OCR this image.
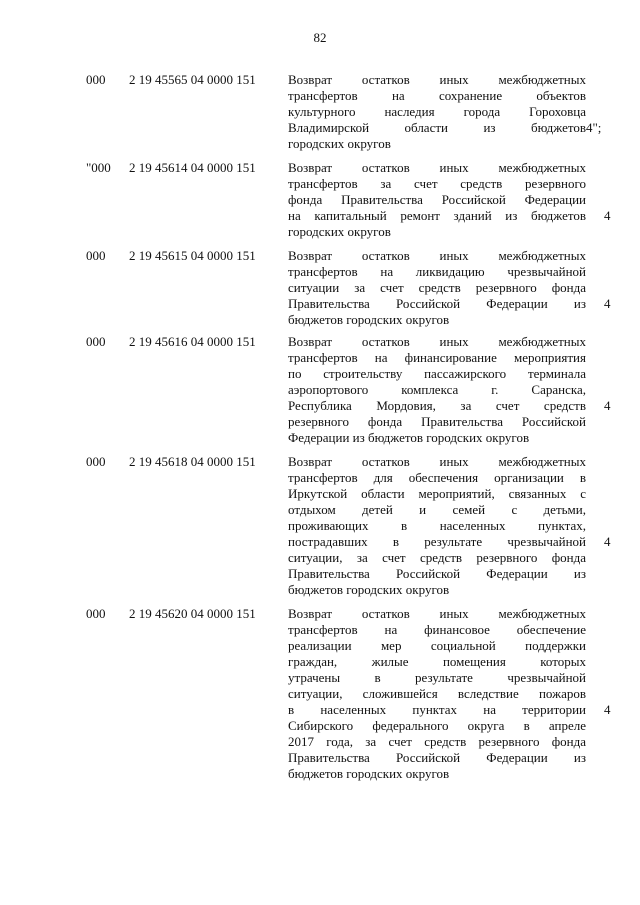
82
000 2 19 45565 04 0000 151 Возврат остатков иных межбюджетных
трансфертов на сохранение объектов
культурного наследия города Гороховца
Владимирской области из бюджетов
городских округов
4";
"000 2 19 45614 04 0000 151 Возврат остатков иных межбюджетных
трансфертов за счет средств резервного
фонда Правительства Российской Федерации
на капитальный ремонт зданий из бюджетов
городских округов
4
000 2 19 45615 04 0000 151 Возврат остатков иных межбюджетных
трансфертов на ликвидацию чрезвычайной
ситуации за счет средств резервного фонда
Правительства Российской Федерации из
бюджетов городских округов
4
000 2 19 45616 04 0000 151 Возврат остатков иных межбюджетных
трансфертов на финансирование мероприятия
по строительству пассажирского терминала
аэропортового комплекса г. Саранска,
Республика Мордовия, за счет средств
резервного фонда Правительства Российской
Федерации из бюджетов городских округов
4
000 2 19 45618 04 0000 151 Возврат остатков иных межбюджетных
трансфертов для обеспечения организации в
Иркутской области мероприятий, связанных с
отдыхом детей и семей с детьми,
проживающих в населенных пунктах,
пострадавших в результате чрезвычайной
ситуации, за счет средств резервного фонда
Правительства Российской Федерации из
бюджетов городских округов
4
000 2 19 45620 04 0000 151 Возврат остатков иных межбюджетных
трансфертов на финансовое обеспечение
реализации мер социальной поддержки
граждан, жилые помещения которых
утрачены в результате чрезвычайной
ситуации, сложившейся вследствие пожаров
в населенных пунктах на территории
Сибирского федерального округа в апреле
2017 года, за счет средств резервного фонда
Правительства Российской Федерации из
бюджетов городских округов
4
